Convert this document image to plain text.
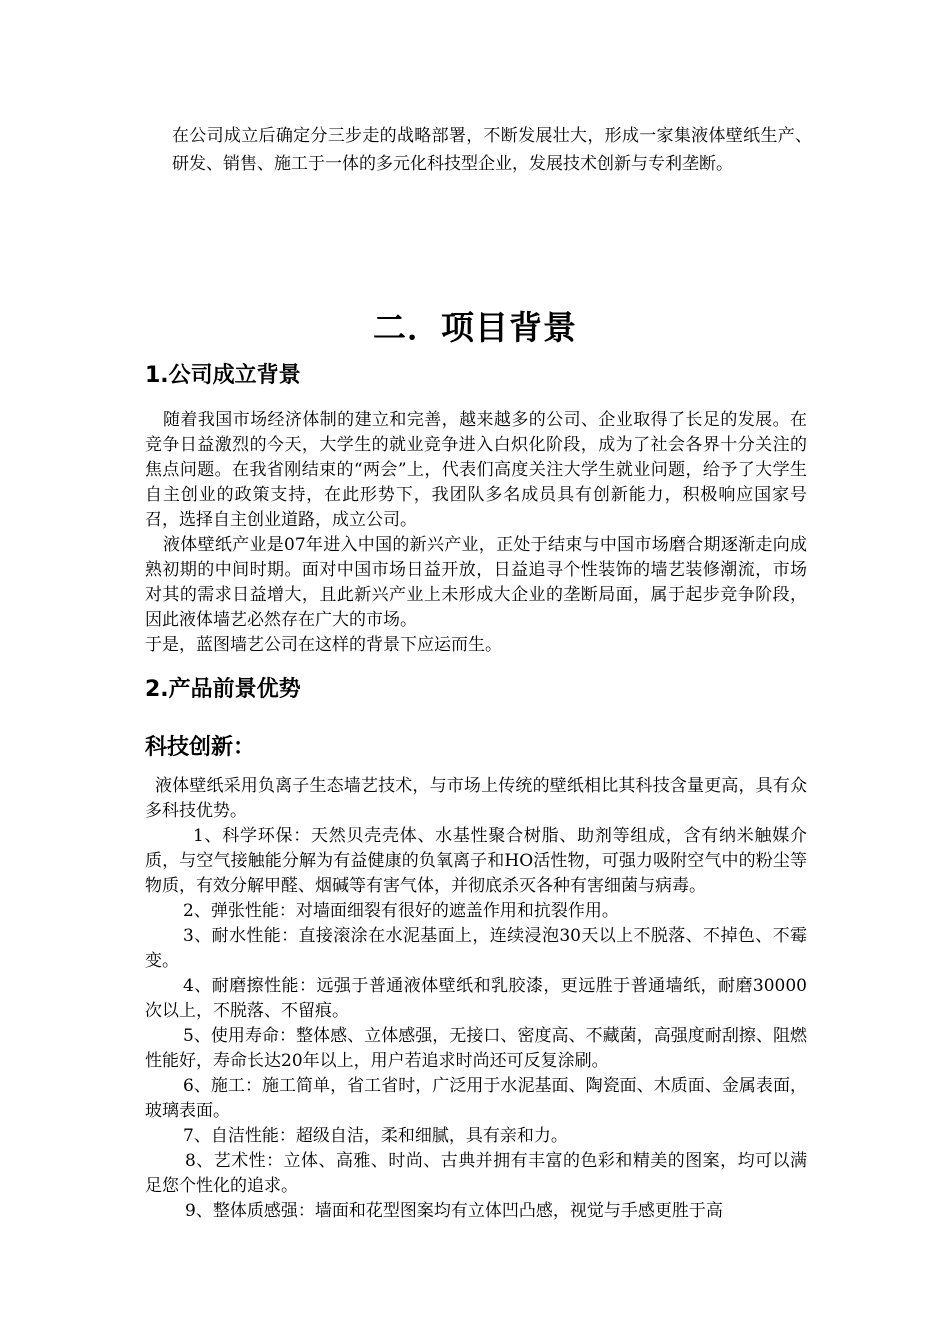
在公司成立后确定分三步走的战略部署，不断发展壮大，形成一家集液体壁纸生产、研发、销售、施工于一体的多元化科技型企业，发展技术创新与专利垄断。

二．项目背景
1.公司成立背景

随着我国市场经济体制的建立和完善，越来越多的公司、企业取得了长足的发展。在竞争日益激烈的今天，大学生的就业竞争进入白炽化阶段，成为了社会各界十分关注的焦点问题。在我省刚结束的“两会”上，代表们高度关注大学生就业问题，给予了大学生自主创业的政策支持，在此形势下，我团队多名成员具有创新能力，积极响应国家号召，选择自主创业道路，成立公司。

液体壁纸产业是07年进入中国的新兴产业，正处于结束与中国市场磨合期逐渐走向成熟初期的中间时期。面对中国市场日益开放，日益追寻个性装饰的墙艺装修潮流，市场对其的需求日益增大，且此新兴产业上未形成大企业的垄断局面，属于起步竞争阶段，因此液体墙艺必然存在广大的市场。

于是，蓝图墙艺公司在这样的背景下应运而生。

2.产品前景优势
科技创新：

液体壁纸采用负离子生态墙艺技术，与市场上传统的壁纸相比其科技含量更高，具有众多科技优势。

1、科学环保：天然贝壳壳体、水基性聚合树脂、助剂等组成，含有纳米触媒介质，与空气接触能分解为有益健康的负氧离子和HO活性物，可强力吸附空气中的粉尘等物质，有效分解甲醛、烟碱等有害气体，并彻底杀灭各种有害细菌与病毒。

2、弹张性能：对墙面细裂有很好的遮盖作用和抗裂作用。

3、耐水性能：直接滚涂在水泥基面上，连续浸泡30天以上不脱落、不掉色、不霉变。

4、耐磨擦性能：远强于普通液体壁纸和乳胶漆，更远胜于普通墙纸，耐磨30000次以上，不脱落、不留痕。

5、使用寿命：整体感、立体感强，无接口、密度高、不藏菌，高强度耐刮擦、阻燃性能好，寿命长达20年以上，用户若追求时尚还可反复涂刷。

6、施工：施工简单，省工省时，广泛用于水泥基面、陶瓷面、木质面、金属表面，玻璃表面。

7、自洁性能：超级自洁，柔和细腻，具有亲和力。

8、艺术性：立体、高雅、时尚、古典并拥有丰富的色彩和精美的图案，均可以满足您个性化的追求。

9、整体质感强：墙面和花型图案均有立体凹凸感，视觉与手感更胜于高
